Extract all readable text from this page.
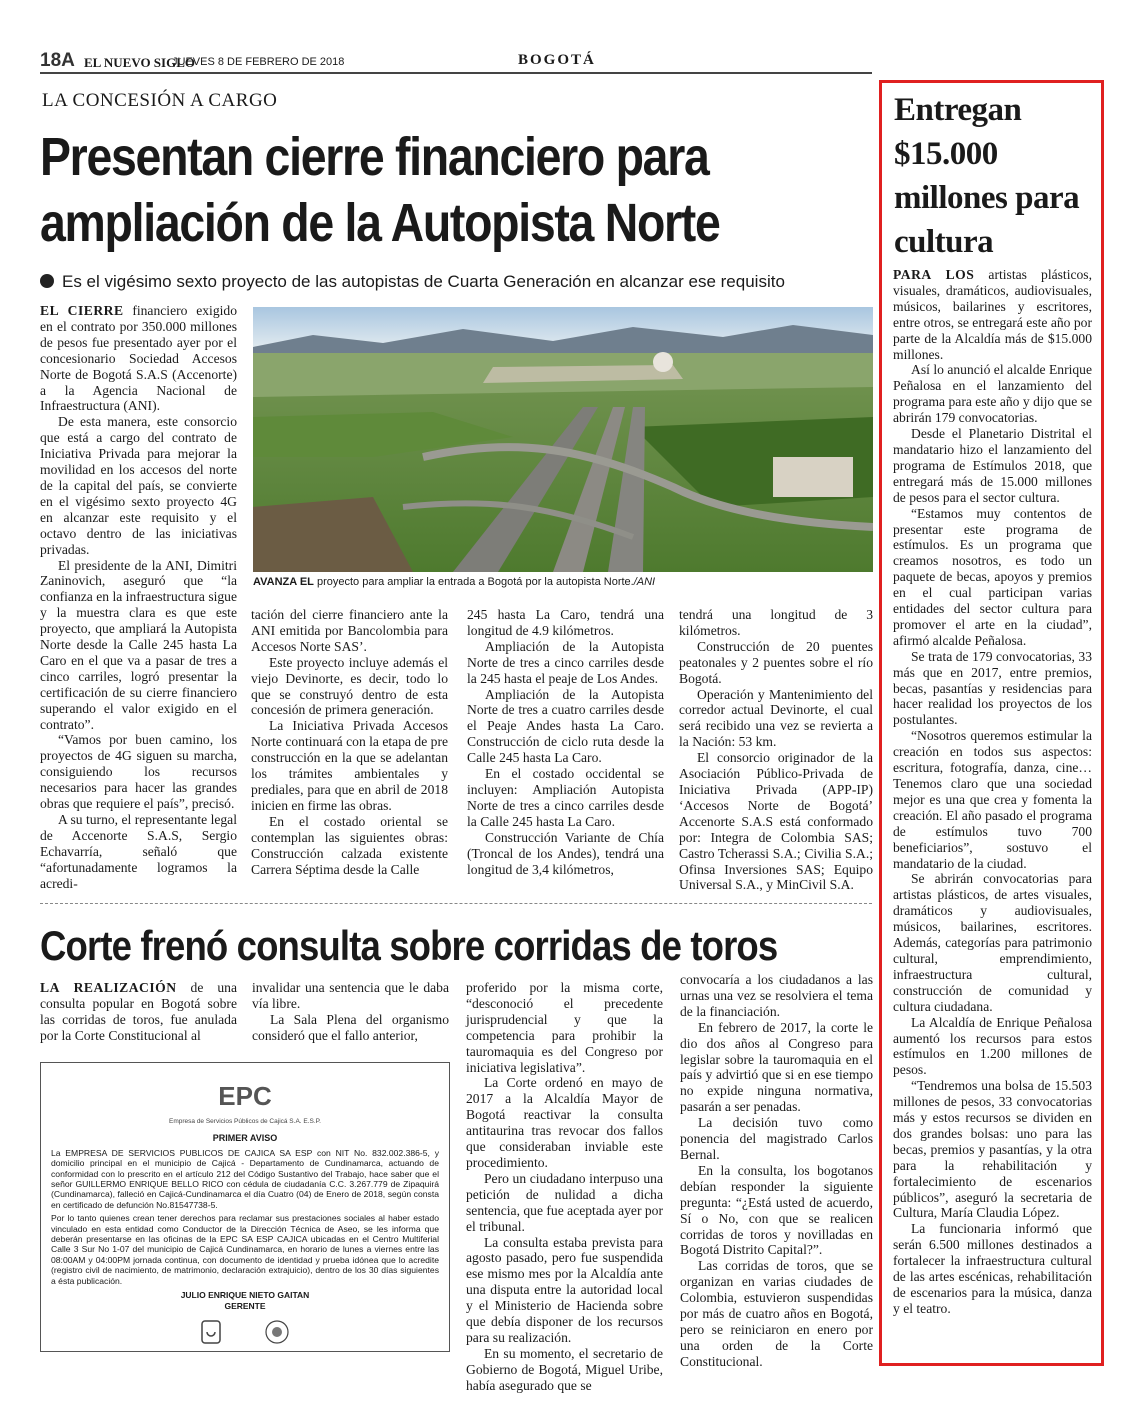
18A EL NUEVO SIGLO
JUEVES 8 DE FEBRERO DE 2018	BOGOTÁ
LA CONCESIÓN A CARGO
Presentan cierre financiero para
ampliación de la Autopista Norte
Es el vigésimo sexto proyecto de las autopistas de Cuarta Generación en alcanzar ese requisito

EL CIERRE financiero exigido en el contrato por 350.000 millones de pesos fue presentado ayer por el concesionario Sociedad Accesos Norte de Bogotá S.A.S (Accenorte) a la Agencia Nacional de Infraestructura (ANI).

De esta manera, este consorcio que está a cargo del contrato de Iniciativa Privada para mejorar la movilidad en los accesos del norte de la capital del país, se convierte en el vigésimo sexto proyecto 4G en alcanzar este requisito y el octavo dentro de las iniciativas privadas.

El presidente de la ANI, Dimitri Zaninovich, aseguró que “la confianza en la infraestructura sigue y la muestra clara es que este proyecto, que ampliará la Autopista Norte desde la Calle 245 hasta La Caro en el que va a pasar de tres a cinco carriles, logró presentar la certificación de su cierre financiero superando el valor exigido en el contrato”.

“Vamos por buen camino, los proyectos de 4G siguen su marcha, consiguiendo los recursos necesarios para hacer las grandes obras que requiere el país”, precisó.

A su turno, el representante legal de Accenorte S.A.S, Sergio Echavarría, señaló que “afortunadamente logramos la acredi-

AVANZA EL proyecto para ampliar la entrada a Bogotá por la autopista Norte./ANI

tación del cierre financiero ante la ANI emitida por Bancolombia para Accesos Norte SAS’.

Este proyecto incluye además el viejo Devinorte, es decir, todo lo que se construyó dentro de esta concesión de primera generación.

La Iniciativa Privada Accesos Norte continuará con la etapa de pre construcción en la que se adelantan los trámites ambientales y prediales, para que en abril de 2018 inicien en firme las obras.

En el costado oriental se contemplan las siguientes obras: Construcción calzada existente Carrera Séptima desde la Calle

245 hasta La Caro, tendrá una longitud de 4.9 kilómetros.

Ampliación de la Autopista Norte de tres a cinco carriles desde la 245 hasta el peaje de Los Andes.

Ampliación de la Autopista Norte de tres a cuatro carriles desde el Peaje Andes hasta La Caro. Construcción de ciclo ruta desde la Calle 245 hasta La Caro.

En el costado occidental se incluyen: Ampliación Autopista Norte de tres a cinco carriles desde la Calle 245 hasta La Caro.

Construcción Variante de Chía (Troncal de los Andes), tendrá una longitud de 3,4 kilómetros,

tendrá una longitud de 3 kilómetros.

Construcción de 20 puentes peatonales y 2 puentes sobre el río Bogotá.

Operación y Mantenimiento del corredor actual Devinorte, el cual será recibido una vez se revierta a la Nación: 53 km.

El consorcio originador de la Asociación Público-Privada de Iniciativa Privada (APP-IP) ‘Accesos Norte de Bogotá’ Accenorte S.A.S está conformado por: Integra de Colombia SAS; Castro Tcherassi S.A.; Civilia S.A.; Ofinsa Inversiones SAS; Equipo Universal S.A., y MinCivil S.A.

Corte frenó consulta sobre corridas de toros

LA REALIZACIÓN de una consulta popular en Bogotá sobre las corridas de toros, fue anulada por la Corte Constitucional al

invalidar una sentencia que le daba vía libre.

La Sala Plena del organismo consideró que el fallo anterior,

proferido por la misma corte, “desconoció el precedente jurisprudencial y que la competencia para prohibir la tauromaquia es del Congreso por iniciativa legislativa”.

La Corte ordenó en mayo de 2017 a la Alcaldía Mayor de Bogotá reactivar la consulta antitaurina tras revocar dos fallos que consideraban inviable este procedimiento.

Pero un ciudadano interpuso una petición de nulidad a dicha sentencia, que fue aceptada ayer por el tribunal.

La consulta estaba prevista para agosto pasado, pero fue suspendida ese mismo mes por la Alcaldía ante una disputa entre la autoridad local y el Ministerio de Hacienda sobre que debía disponer de los recursos para su realización.

En su momento, el secretario de Gobierno de Bogotá, Miguel Uribe, había asegurado que se

convocaría a los ciudadanos a las urnas una vez se resolviera el tema de la financiación.

En febrero de 2017, la corte le dio dos años al Congreso para legislar sobre la tauromaquia en el país y advirtió que si en ese tiempo no expide ninguna normativa, pasarán a ser penadas.

La decisión tuvo como ponencia del magistrado Carlos Bernal.

En la consulta, los bogotanos debían responder la siguiente pregunta: “¿Está usted de acuerdo, Sí o No, con que se realicen corridas de toros y novilladas en Bogotá Distrito Capital?”.

Las corridas de toros, que se organizan en varias ciudades de Colombia, estuvieron suspendidas por más de cuatro años en Bogotá, pero se reiniciaron en enero por una orden de la Corte Constitucional.

EPC
Empresa de Servicios Públicos de Cajicá S.A. E.S.P.
PRIMER AVISO

La EMPRESA DE SERVICIOS PUBLICOS DE CAJICA SA ESP con NIT No. 832.002.386-5, y domicilio principal en el municipio de Cajicá - Departamento de Cundinamarca, actuando de conformidad con lo prescrito en el artículo 212 del Código Sustantivo del Trabajo, hace saber que el señor GUILLERMO ENRIQUE BELLO RICO con cédula de ciudadanía C.C. 3.267.779 de Zipaquirá (Cundinamarca), falleció en Cajicá-Cundinamarca el día Cuatro (04) de Enero de 2018, según consta en certificado de defunción No.81547738-5.

Por lo tanto quienes crean tener derechos para reclamar sus prestaciones sociales al haber estado vinculado en esta entidad como Conductor de la Dirección Técnica de Aseo, se les informa que deberán presentarse en las oficinas de la EPC SA ESP CAJICA ubicadas en el Centro Multiferial Calle 3 Sur No 1-07 del municipio de Cajicá Cundinamarca, en horario de lunes a viernes entre las 08:00AM y 04:00PM jornada continua, con documento de identidad y prueba idónea que lo acredite (registro civil de nacimiento, de matrimonio, declaración extrajuicio), dentro de los 30 días siguientes a ésta publicación.

JULIO ENRIQUE NIETO GAITAN
GERENTE

Entregan $15.000 millones para cultura

PARA LOS artistas plásticos, visuales, dramáticos, audiovisuales, músicos, bailarines y escritores, entre otros, se entregará este año por parte de la Alcaldía más de $15.000 millones.

Así lo anunció el alcalde Enrique Peñalosa en el lanzamiento del programa para este año y dijo que se abrirán 179 convocatorias.

Desde el Planetario Distrital el mandatario hizo el lanzamiento del programa de Estímulos 2018, que entregará más de 15.000 millones de pesos para el sector cultura.

“Estamos muy contentos de presentar este programa de estímulos. Es un programa que creamos nosotros, es todo un paquete de becas, apoyos y premios en el cual participan varias entidades del sector cultura para promover el arte en la ciudad”, afirmó alcalde Peñalosa.

Se trata de 179 convocatorias, 33 más que en 2017, entre premios, becas, pasantías y residencias para hacer realidad los proyectos de los postulantes.

“Nosotros queremos estimular la creación en todos sus aspectos: escritura, fotografía, danza, cine… Tenemos claro que una sociedad mejor es una que crea y fomenta la creación. El año pasado el programa de estímulos tuvo 700 beneficiarios”, sostuvo el mandatario de la ciudad.

Se abrirán convocatorias para artistas plásticos, de artes visuales, dramáticos y audiovisuales, músicos, bailarines, escritores. Además, categorías para patrimonio cultural, emprendimiento, infraestructura cultural, construcción de comunidad y cultura ciudadana.

La Alcaldía de Enrique Peñalosa aumentó los recursos para estos estímulos en 1.200 millones de pesos.

“Tendremos una bolsa de 15.503 millones de pesos, 33 convocatorias más y estos recursos se dividen en dos grandes bolsas: uno para las becas, premios y pasantías, y la otra para la rehabilitación y fortalecimiento de escenarios públicos”, aseguró la secretaria de Cultura, María Claudia López.

La funcionaria informó que serán 6.500 millones destinados a fortalecer la infraestructura cultural de las artes escénicas, rehabilitación de escenarios para la música, danza y el teatro.
